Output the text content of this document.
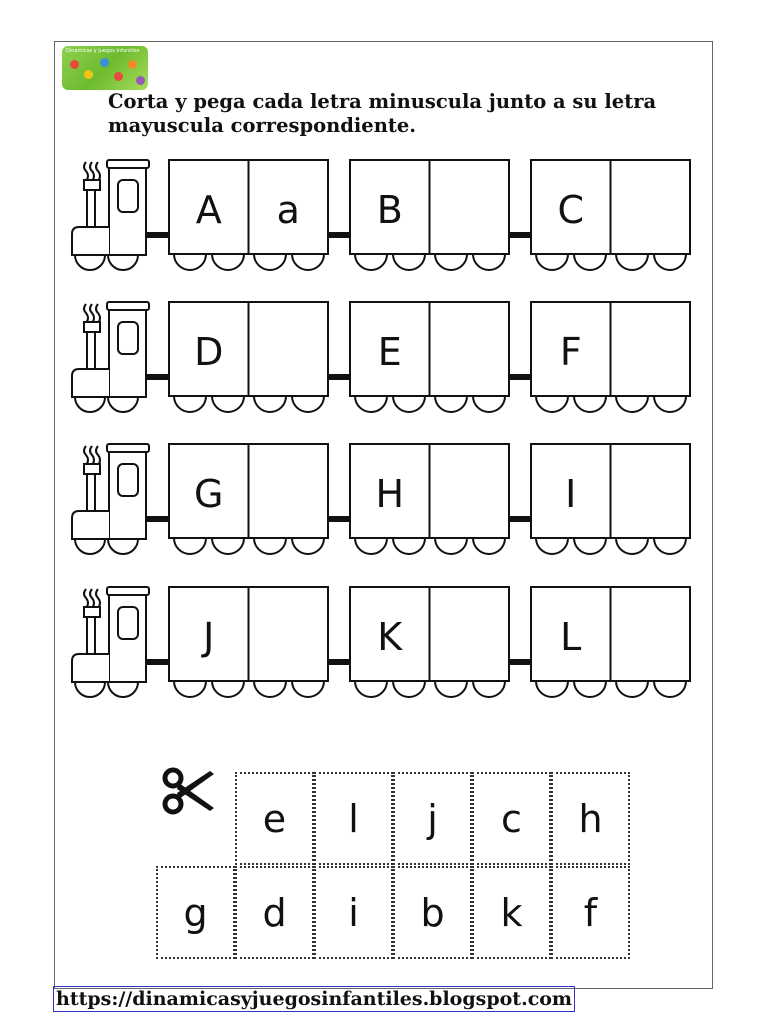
Dinamicas y Juegos Infantiles

Corta y pega cada letra minuscula junto a su letra
mayuscula correspondiente.

A a B	C
D	E	F
G	H	I
J	K	L
e	l	j	c	h
g	d	i	b	k	f
https://dinamicasyjuegosinfantiles.blogspot.com
